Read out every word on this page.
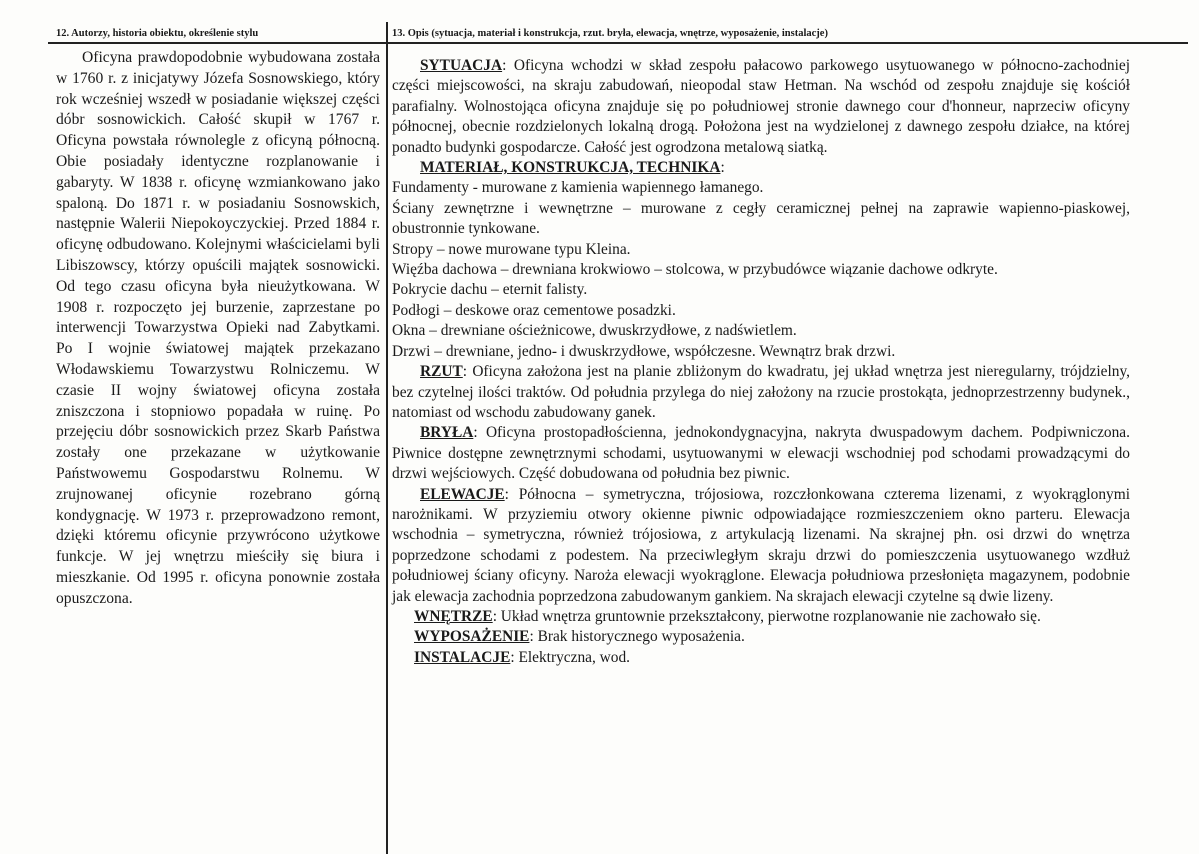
12. Autorzy, historia obiektu, określenie stylu	13. Opis (sytuacja, materiał i konstrukcja, rzut. bryła, elewacja, wnętrze, wyposażenie, instalacje)
Oficyna prawdopodobnie wybudowana została w 1760 r. z inicjatywy Józefa Sosnowskiego, który rok wcześniej wszedł w posiadanie większej części dóbr sosnowickich. Całość skupił w 1767 r. Oficyna powstała równolegle z oficyną północną. Obie posiadały identyczne rozplanowanie i gabaryty. W 1838 r. oficynę wzmiankowano jako spaloną. Do 1871 r. w posiadaniu Sosnowskich, następnie Walerii Niepokoyczyckiej. Przed 1884 r. oficynę odbudowano. Kolejnymi właścicielami byli Libiszowscy, którzy opuścili majątek sosnowicki. Od tego czasu oficyna była nieużytkowana. W 1908 r. rozpoczęto jej burzenie, zaprzestane po interwencji Towarzystwa Opieki nad Zabytkami. Po I wojnie światowej majątek przekazano Włodawskiemu Towarzystwu Rolniczemu. W czasie II wojny światowej oficyna została zniszczona i stopniowo popadała w ruinę. Po przejęciu dóbr sosnowickich przez Skarb Państwa zostały one przekazane w użytkowanie Państwowemu Gospodarstwu Rolnemu. W zrujnowanej oficynie rozebrano górną kondygnację. W 1973 r. przeprowadzono remont, dzięki któremu oficynie przywrócono użytkowe funkcje. W jej wnętrzu mieściły się biura i mieszkanie. Od 1995 r. oficyna ponownie została opuszczona.

SYTUACJA: Oficyna wchodzi w skład zespołu pałacowo parkowego usytuowanego w północno-zachodniej części miejscowości, na skraju zabudowań, nieopodal staw Hetman. Na wschód od zespołu znajduje się kościół parafialny. Wolnostojąca oficyna znajduje się po południowej stronie dawnego cour d'honneur, naprzeciw oficyny północnej, obecnie rozdzielonych lokalną drogą. Położona jest na wydzielonej z dawnego zespołu działce, na której ponadto budynki gospodarcze. Całość jest ogrodzona metalową siatką.

MATERIAŁ, KONSTRUKCJA, TECHNIKA:

Fundamenty - murowane z kamienia wapiennego łamanego.

Ściany zewnętrzne i wewnętrzne – murowane z cegły ceramicznej pełnej na zaprawie wapienno-piaskowej, obustronnie tynkowane.

Stropy – nowe murowane typu Kleina.

Więźba dachowa – drewniana krokwiowo – stolcowa, w przybudówce wiązanie dachowe odkryte.

Pokrycie dachu – eternit falisty.

Podłogi – deskowe oraz cementowe posadzki.

Okna – drewniane ościeżnicowe, dwuskrzydłowe, z nadświetlem.

Drzwi – drewniane, jedno- i dwuskrzydłowe, współczesne. Wewnątrz brak drzwi.

RZUT: Oficyna założona jest na planie zbliżonym do kwadratu, jej układ wnętrza jest nieregularny, trójdzielny, bez czytelnej ilości traktów. Od południa przylega do niej założony na rzucie prostokąta, jednoprzestrzenny budynek., natomiast od wschodu zabudowany ganek.

BRYŁA: Oficyna prostopadłościenna, jednokondygnacyjna, nakryta dwuspadowym dachem. Podpiwniczona. Piwnice dostępne zewnętrznymi schodami, usytuowanymi w elewacji wschodniej pod schodami prowadzącymi do drzwi wejściowych. Część dobudowana od południa bez piwnic.

ELEWACJE: Północna – symetryczna, trójosiowa, rozczłonkowana czterema lizenami, z wyokrąglonymi narożnikami. W przyziemiu otwory okienne piwnic odpowiadające rozmieszczeniem okno parteru. Elewacja wschodnia – symetryczna, również trójosiowa, z artykulacją lizenami. Na skrajnej płn. osi drzwi do wnętrza poprzedzone schodami z podestem. Na przeciwległym skraju drzwi do pomieszczenia usytuowanego wzdłuż południowej ściany oficyny. Naroża elewacji wyokrąglone. Elewacja południowa przesłonięta magazynem, podobnie jak elewacja zachodnia poprzedzona zabudowanym gankiem. Na skrajach elewacji czytelne są dwie lizeny.

WNĘTRZE: Układ wnętrza gruntownie przekształcony, pierwotne rozplanowanie nie zachowało się.

WYPOSAŻENIE: Brak historycznego wyposażenia.

INSTALACJE: Elektryczna, wod.
